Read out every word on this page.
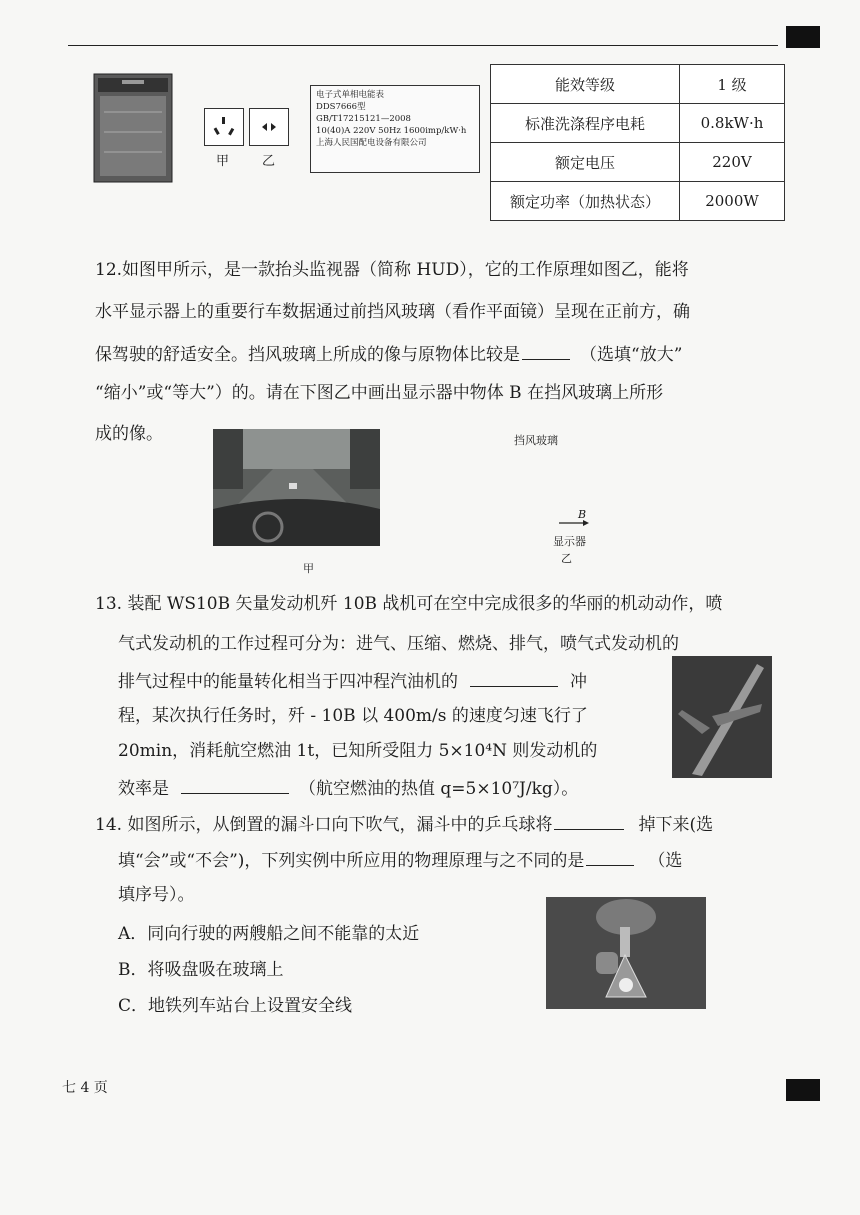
甲	乙
电子式单相电能表
DDS7666型
GB/T17215121—2008
10(40)A 220V 50Hz 1600imp/kW·h
上海人民国配电设备有限公司
能效等级	1 级
标准洗涤程序电耗	0.8kW·h
额定电压	220V
额定功率（加热状态）	2000W
12.如图甲所示，是一款抬头监视器（简称 HUD），它的工作原理如图乙，能将
水平显示器上的重要行车数据通过前挡风玻璃（看作平面镜）呈现在正前方，确
保驾驶的舒适安全。挡风玻璃上所成的像与原物体比较是	（选填“放大”
“缩小”或“等大”）的。请在下图乙中画出显示器中物体 B 在挡风玻璃上所形
成的像。
甲
挡风玻璃
B
显示器
乙
13. 装配 WS10B 矢量发动机歼 10B 战机可在空中完成很多的华丽的机动动作，喷
气式发动机的工作过程可分为：进气、压缩、燃烧、排气，喷气式发动机的
排气过程中的能量转化相当于四冲程汽油机的	冲
程，某次执行任务时，歼 - 10B 以 400m/s 的速度匀速飞行了
20min，消耗航空燃油 1t，已知所受阻力 5×10⁴N 则发动机的
效率是	（航空燃油的热值 q=5×10⁷J/kg）。
14. 如图所示，从倒置的漏斗口向下吹气，漏斗中的乒乓球将	掉下来(选
填“会”或“不会”)，下列实例中所应用的物理原理与之不同的是	（选
填序号）。
A．同向行驶的两艘船之间不能靠的太近
B．将吸盘吸在玻璃上
C．地铁列车站台上设置安全线
七 4 页
